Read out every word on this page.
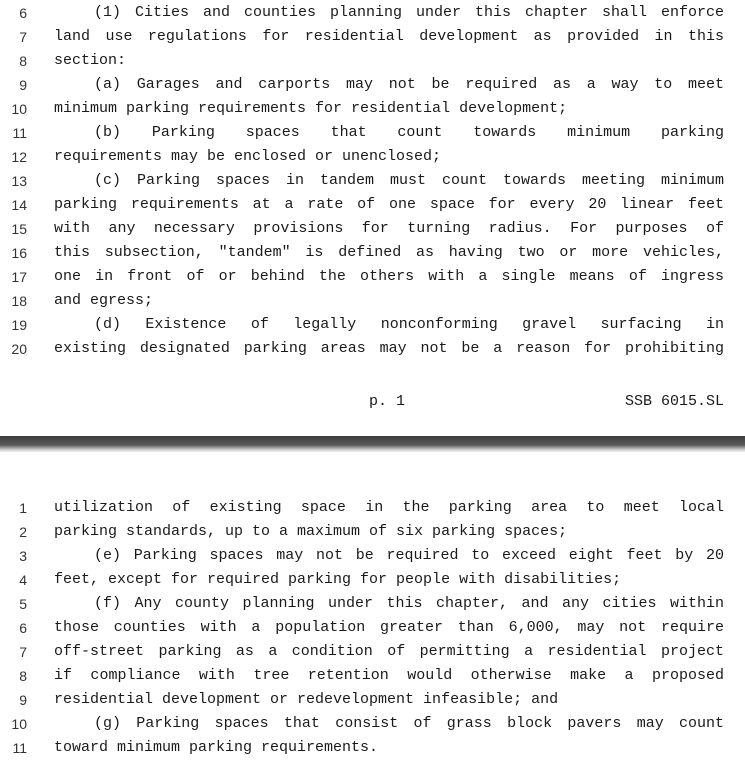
6	(1) Cities and counties planning under this chapter shall enforce
7 land use regulations for residential development as provided in this
8 section:
9	(a) Garages and carports may not be required as a way to meet
10 minimum parking requirements for residential development;
11	(b) Parking spaces that count towards minimum parking
12 requirements may be enclosed or unenclosed;
13	(c) Parking spaces in tandem must count towards meeting minimum
14 parking requirements at a rate of one space for every 20 linear feet
15 with any necessary provisions for turning radius. For purposes of
16 this subsection, "tandem" is defined as having two or more vehicles,
17 one in front of or behind the others with a single means of ingress
18 and egress;
19	(d) Existence of legally nonconforming gravel surfacing in
20 existing designated parking areas may not be a reason for prohibiting
p. 1	SSB 6015.SL
1 utilization of existing space in the parking area to meet local
2 parking standards, up to a maximum of six parking spaces;
3	(e) Parking spaces may not be required to exceed eight feet by 20
4 feet, except for required parking for people with disabilities;
5	(f) Any county planning under this chapter, and any cities within
6 those counties with a population greater than 6,000, may not require
7 off-street parking as a condition of permitting a residential project
8 if compliance with tree retention would otherwise make a proposed
9 residential development or redevelopment infeasible; and
10	(g) Parking spaces that consist of grass block pavers may count
11 toward minimum parking requirements.
